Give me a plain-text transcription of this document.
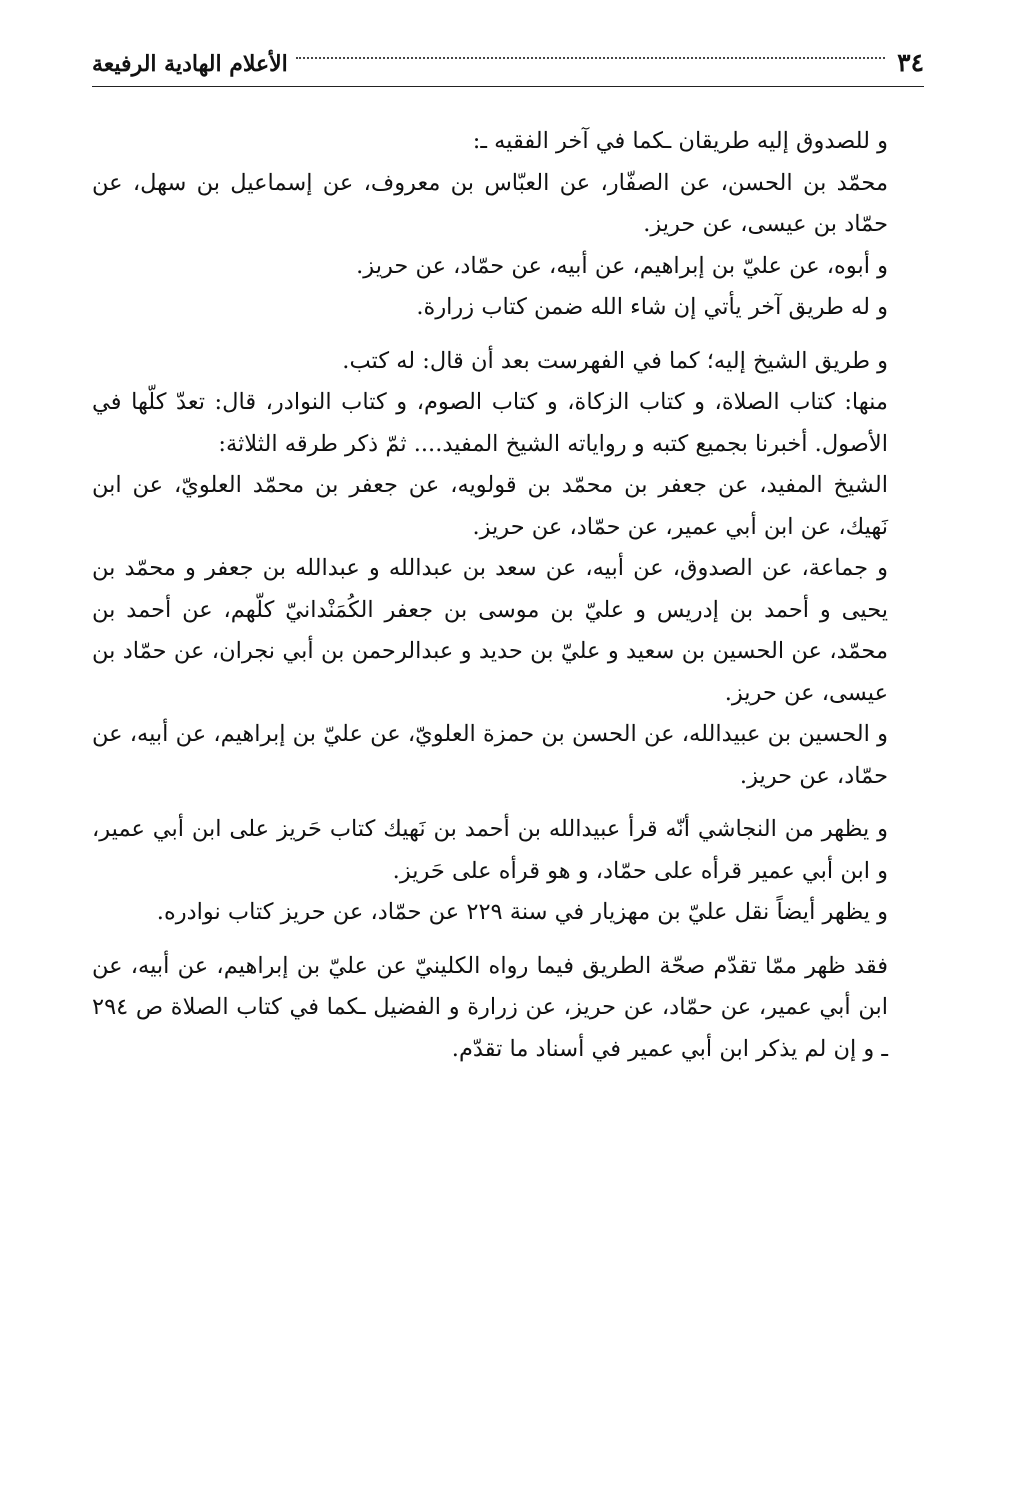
٣٤
الأعلام الهادية الرفيعة

و للصدوق إليه طريقان ـكما في آخر الفقيه ـ:

محمّد بن الحسن، عن الصفّار، عن العبّاس بن معروف، عن إسماعيل بن سهل، عن حمّاد بن عيسى، عن حريز.

و أبوه، عن عليّ بن إبراهيم، عن أبيه، عن حمّاد، عن حريز.

و له طريق آخر يأتي إن شاء الله ضمن كتاب زرارة.

و طريق الشيخ إليه؛ كما في الفهرست بعد أن قال: له كتب.

منها: كتاب الصلاة، و كتاب الزكاة، و كتاب الصوم، و كتاب النوادر، قال: تعدّ كلّها في الأصول. أخبرنا بجميع كتبه و رواياته الشيخ المفيد.... ثمّ ذكر طرقه الثلاثة:

الشيخ المفيد، عن جعفر بن محمّد بن قولويه، عن جعفر بن محمّد العلويّ، عن ابن نَهيك، عن ابن أبي عمير، عن حمّاد، عن حريز.

و جماعة، عن الصدوق، عن أبيه، عن سعد بن عبدالله و عبدالله بن جعفر و محمّد بن يحيى و أحمد بن إدريس و عليّ بن موسى بن جعفر الكُمَنْدانيّ كلّهم، عن أحمد بن محمّد، عن الحسين بن سعيد و عليّ بن حديد و عبدالرحمن بن أبي نجران، عن حمّاد بن عيسى، عن حريز.

و الحسين بن عبيدالله، عن الحسن بن حمزة العلويّ، عن عليّ بن إبراهيم، عن أبيه، عن حمّاد، عن حريز.

و يظهر من النجاشي أنّه قرأ عبيدالله بن أحمد بن نَهيك كتاب حَريز على ابن أبي عمير، و ابن أبي عمير قرأه على حمّاد، و هو قرأه على حَريز.

و يظهر أيضاً نقل عليّ بن مهزيار في سنة ٢٢٩ عن حمّاد، عن حريز كتاب نوادره.

فقد ظهر ممّا تقدّم صحّة الطريق فيما رواه الكلينيّ عن عليّ بن إبراهيم، عن أبيه، عن ابن أبي عمير، عن حمّاد، عن حريز، عن زرارة و الفضيل ـكما في كتاب الصلاة ص ٢٩٤ ـ و إن لم يذكر ابن أبي عمير في أسناد ما تقدّم.
